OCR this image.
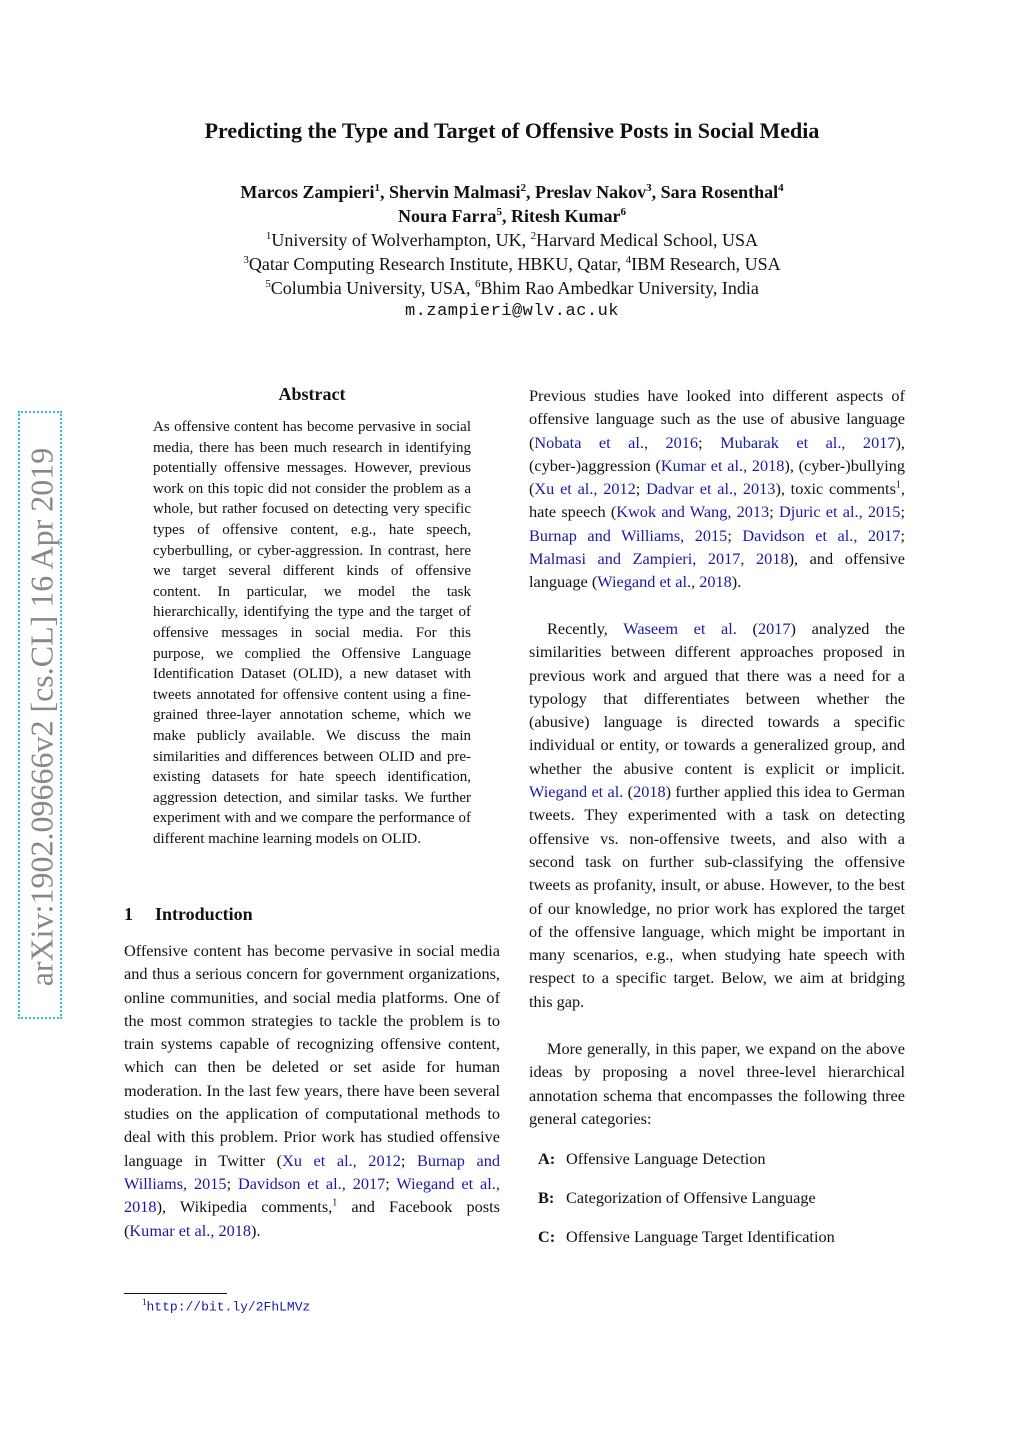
Predicting the Type and Target of Offensive Posts in Social Media
Marcos Zampieri$^1$, Shervin Malmasi$^2$, Preslav Nakov$^3$, Sara Rosenthal$^4$
Noura Farra$^5$, Ritesh Kumar$^6$
$^1$University of Wolverhampton, UK, $^2$Harvard Medical School, USA
$^3$Qatar Computing Research Institute, HBKU, Qatar, $^4$IBM Research, USA
$^5$Columbia University, USA, $^6$Bhim Rao Ambedkar University, India
m.zampieri@wlv.ac.uk
arXiv:1902.09666v2 [cs.CL] 16 Apr 2019
Abstract

As offensive content has become pervasive in social media, there has been much research in identifying potentially offensive messages. However, previous work on this topic did not consider the problem as a whole, but rather focused on detecting very specific types of offensive content, e.g., hate speech, cyberbulling, or cyber-aggression. In contrast, here we target several different kinds of offensive content. In particular, we model the task hierarchically, identifying the type and the target of offensive messages in social media. For this purpose, we complied the Offensive Language Identification Dataset (OLID), a new dataset with tweets annotated for offensive content using a fine-grained three-layer annotation scheme, which we make publicly available. We discuss the main similarities and differences between OLID and pre-existing datasets for hate speech identification, aggression detection, and similar tasks. We further experiment with and we compare the performance of different machine learning models on OLID.

1 Introduction

Offensive content has become pervasive in social media and thus a serious concern for government organizations, online communities, and social media platforms. One of the most common strategies to tackle the problem is to train systems capable of recognizing offensive content, which can then be deleted or set aside for human moderation. In the last few years, there have been several studies on the application of computational methods to deal with this problem. Prior work has studied offensive language in Twitter (Xu et al., 2012; Burnap and Williams, 2015; Davidson et al., 2017; Wiegand et al., 2018), Wikipedia comments,$^1$ and Facebook posts (Kumar et al., 2018).

$^1$http://bit.ly/2FhLMVz

Previous studies have looked into different aspects of offensive language such as the use of abusive language (Nobata et al., 2016; Mubarak et al., 2017), (cyber-)aggression (Kumar et al., 2018), (cyber-)bullying (Xu et al., 2012; Dadvar et al., 2013), toxic comments$^1$, hate speech (Kwok and Wang, 2013; Djuric et al., 2015; Burnap and Williams, 2015; Davidson et al., 2017; Malmasi and Zampieri, 2017, 2018), and offensive language (Wiegand et al., 2018).

Recently, Waseem et al. (2017) analyzed the similarities between different approaches proposed in previous work and argued that there was a need for a typology that differentiates between whether the (abusive) language is directed towards a specific individual or entity, or towards a generalized group, and whether the abusive content is explicit or implicit. Wiegand et al. (2018) further applied this idea to German tweets. They experimented with a task on detecting offensive vs. non-offensive tweets, and also with a second task on further sub-classifying the offensive tweets as profanity, insult, or abuse. However, to the best of our knowledge, no prior work has explored the target of the offensive language, which might be important in many scenarios, e.g., when studying hate speech with respect to a specific target. Below, we aim at bridging this gap.

More generally, in this paper, we expand on the above ideas by proposing a novel three-level hierarchical annotation schema that encompasses the following three general categories:

A: Offensive Language Detection
B: Categorization of Offensive Language
C: Offensive Language Target Identification
